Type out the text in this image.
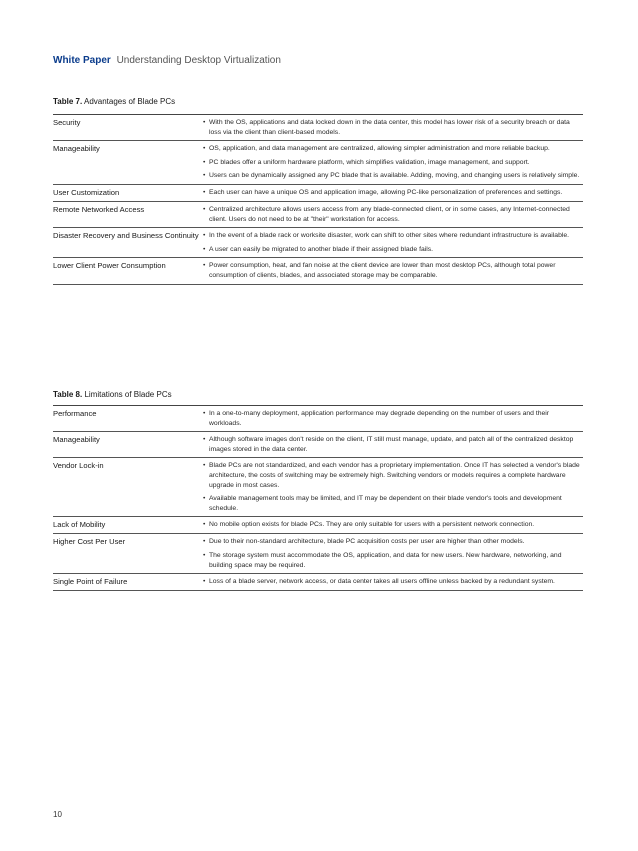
White Paper Understanding Desktop Virtualization
Table 7. Advantages of Blade PCs
Security	• With the OS, applications and data locked down in the data center, this model has lower risk of a security breach or data loss via the client than client-based models.
Manageability	• OS, application, and data management are centralized, allowing simpler administration and more reliable backup.
• PC blades offer a uniform hardware platform, which simplifies validation, image management, and support.
• Users can be dynamically assigned any PC blade that is available. Adding, moving, and changing users is relatively simple.
User Customization	• Each user can have a unique OS and application image, allowing PC-like personalization of preferences and settings.
Remote Networked Access	• Centralized architecture allows users access from any blade-connected client, or in some cases, any Internet-connected client. Users do not need to be at "their" workstation for access.
Disaster Recovery and Business Continuity • In the event of a blade rack or worksite disaster, work can shift to other sites where redundant infrastructure is available.
• A user can easily be migrated to another blade if their assigned blade fails.
Lower Client Power Consumption	• Power consumption, heat, and fan noise at the client device are lower than most desktop PCs, although total power consumption of clients, blades, and associated storage may be comparable.
Table 8. Limitations of Blade PCs
Performance	• In a one-to-many deployment, application performance may degrade depending on the number of users and their workloads.
Manageability	• Although software images don't reside on the client, IT still must manage, update, and patch all of the centralized desktop images stored in the data center.
Vendor Lock-in	• Blade PCs are not standardized, and each vendor has a proprietary implementation. Once IT has selected a vendor's blade architecture, the costs of switching may be extremely high. Switching vendors or models requires a complete hardware upgrade in most cases.
• Available management tools may be limited, and IT may be dependent on their blade vendor's tools and development schedule.
Lack of Mobility	• No mobile option exists for blade PCs. They are only suitable for users with a persistent network connection.
Higher Cost Per User	• Due to their non-standard architecture, blade PC acquisition costs per user are higher than other models.
• The storage system must accommodate the OS, application, and data for new users. New hardware, networking, and building space may be required.
Single Point of Failure	• Loss of a blade server, network access, or data center takes all users offline unless backed by a redundant system.
10
